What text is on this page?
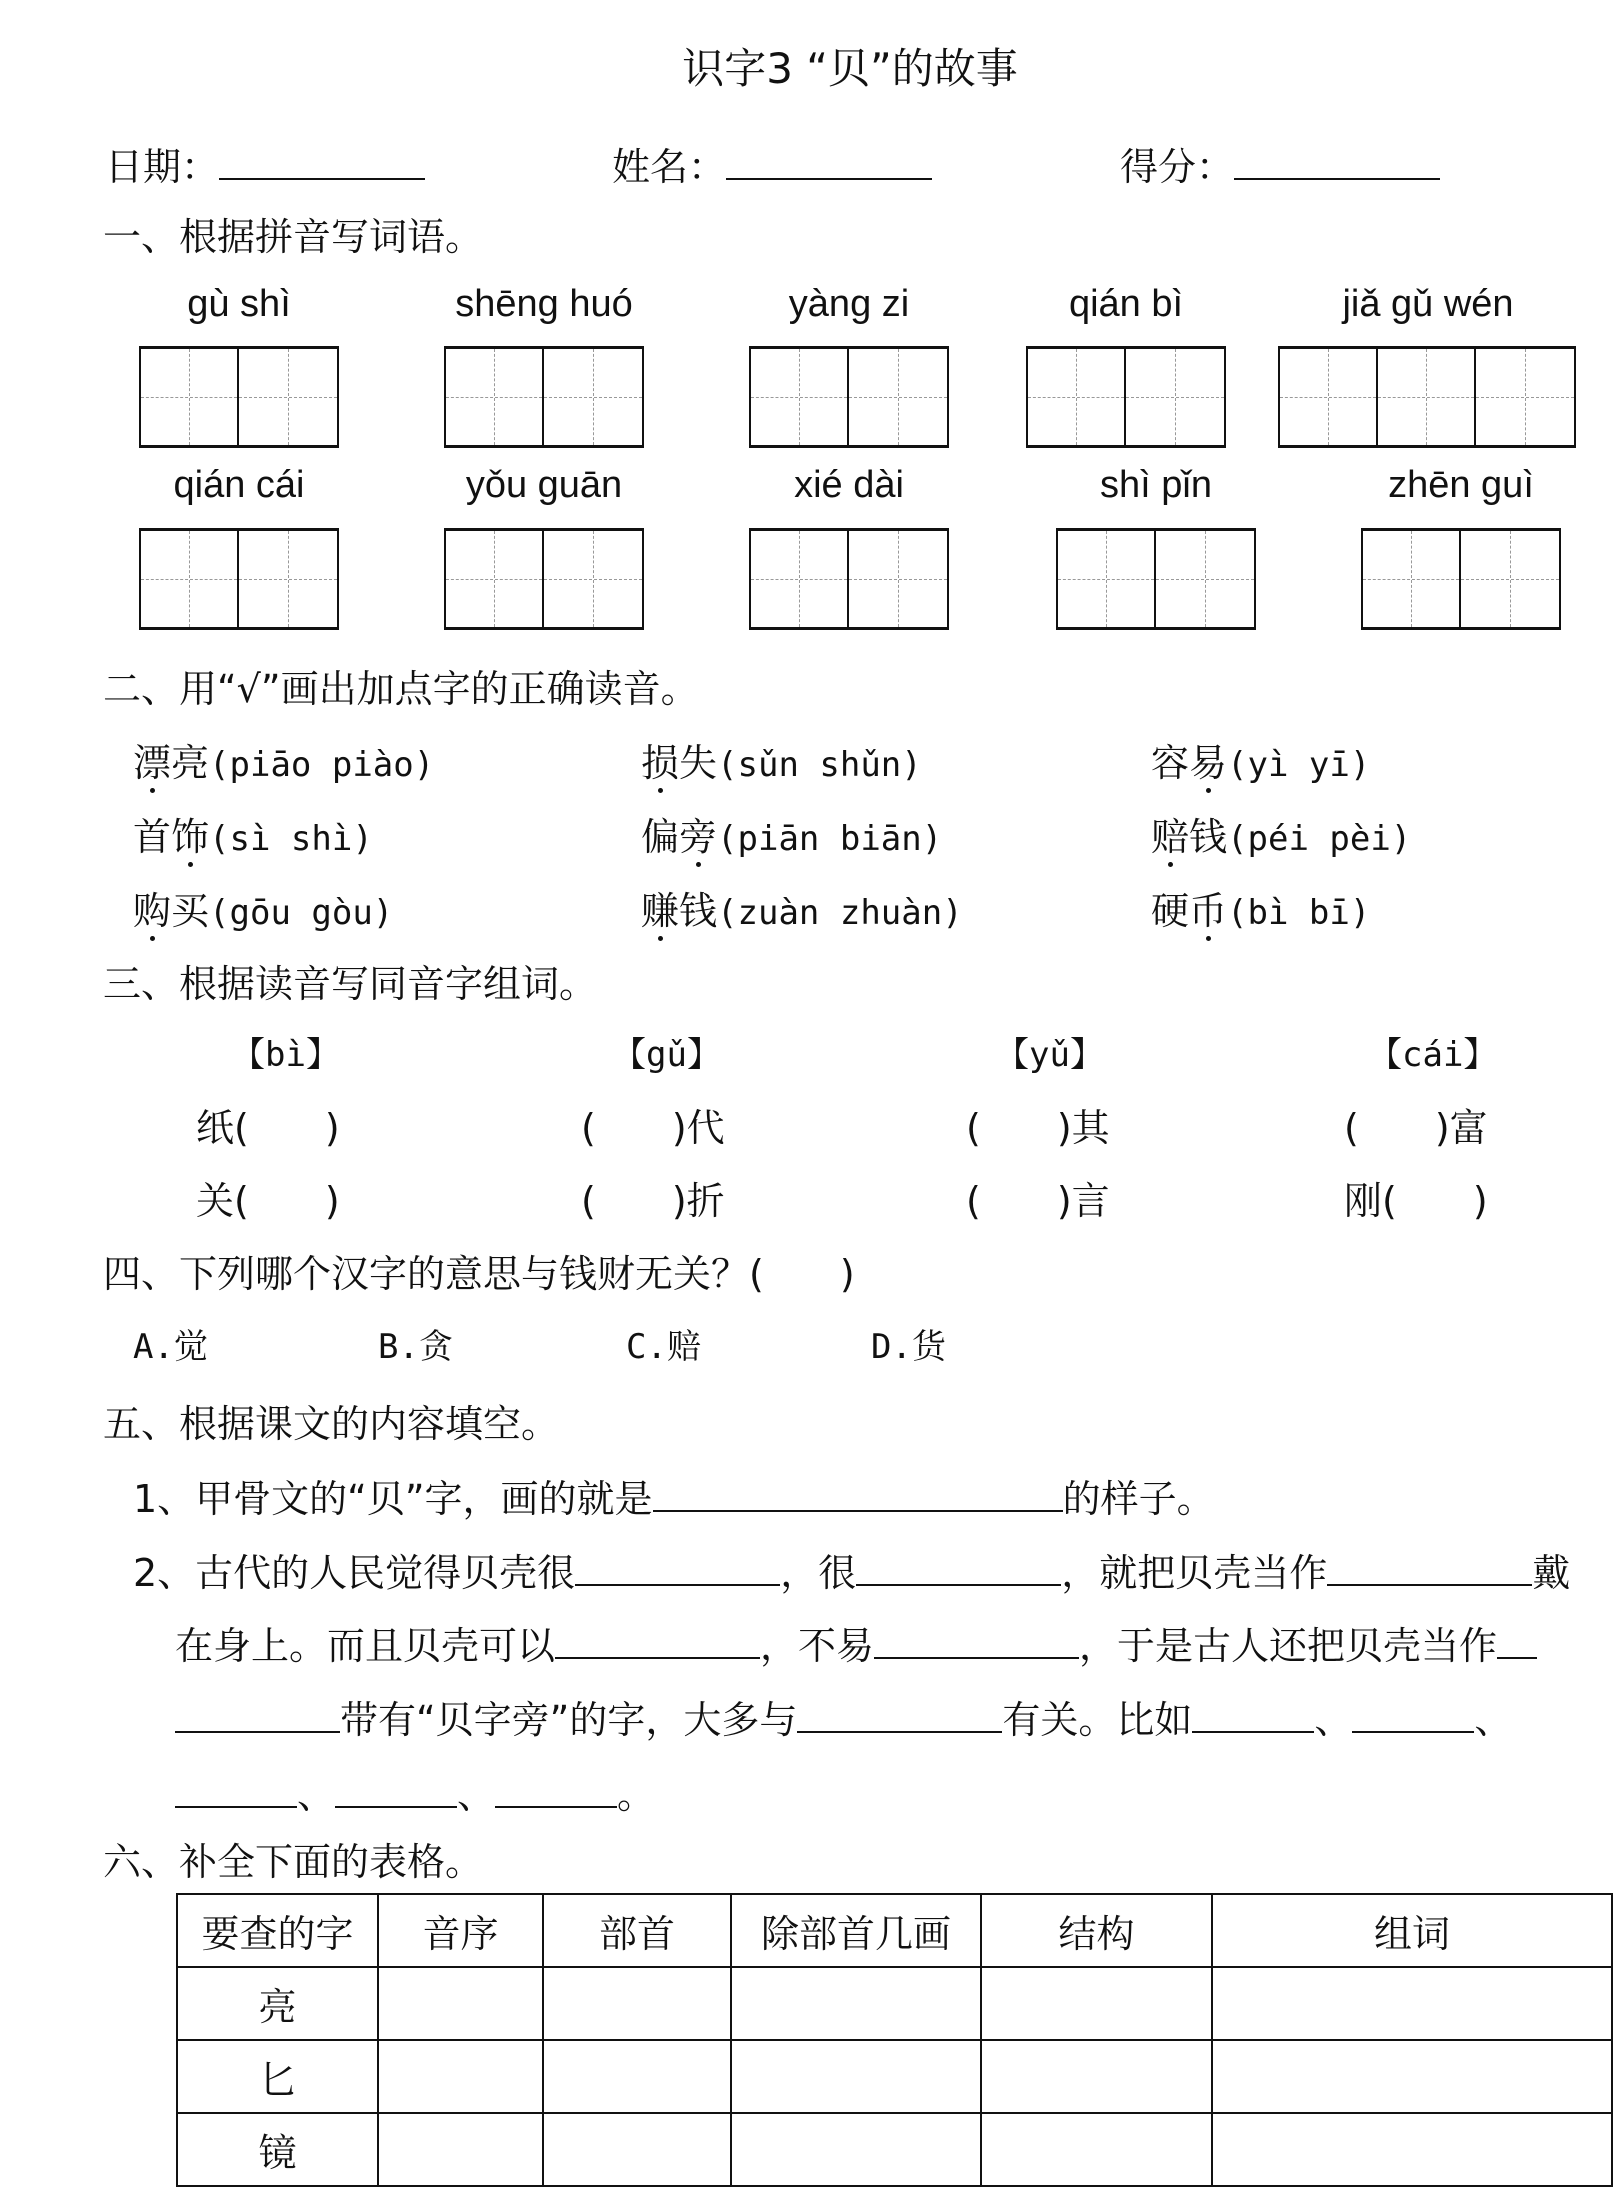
识字3 “贝”的故事
日期：	姓名：	得分：
一、根据拼音写词语。
gù shì	shēng huó	yàng zi	qián bì	jiǎ gǔ wén
qián cái	yǒu guān	xié dài	shì pǐn	zhēn guì
二、用“√”画出加点字的正确读音。
漂亮(piāo piào)	损失(sǔn shǔn)	容易(yì yī)
首饰(sì shì)	偏旁(piān biān)	赔钱(péi pèi)
购买(gōu gòu)	赚钱(zuàn zhuàn)	硬币(bì bī)
三、根据读音写同音字组词。
【bì】
纸(　　)
关(　　)
【gǔ】
(　　)代
(　　)折
【yǔ】
(　　)其
(　　)言
【cái】
(　　)富
刚(　　)
四、下列哪个汉字的意思与钱财无关？(　　)
A.觉	B.贪	C.赔	D.货
五、根据课文的内容填空。
1、甲骨文的“贝”字，画的就是	的样子。
2、古代的人民觉得贝壳很	，很	，就把贝壳当作	戴
在身上。而且贝壳可以	，不易	，于是古人还把贝壳当作
带有“贝字旁”的字，大多与	有关。比如	、	、
、	、	。
六、补全下面的表格。
要查的字	音序	部首	除部首几画	结构	组词
亮					
匕					
镜					
